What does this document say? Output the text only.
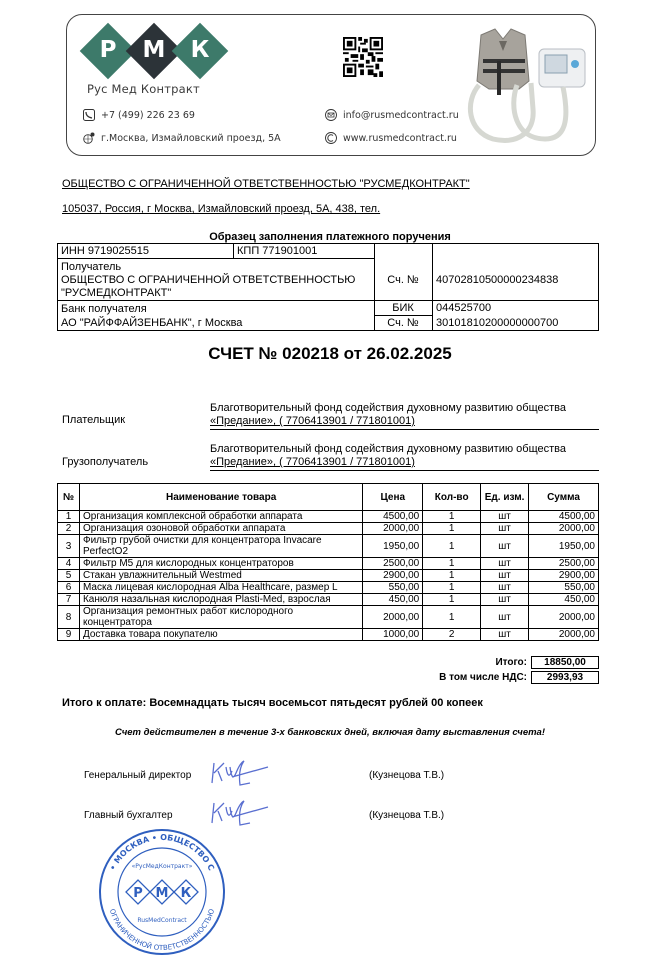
Р М К
Рус Мед Контракт
+7 (499) 226 23 69
г.Москва, Измайловский проезд, 5А
info@rusmedcontract.ru
www.rusmedcontract.ru
ОБЩЕСТВО С ОГРАНИЧЕННОЙ ОТВЕТСТВЕННОСТЬЮ "РУСМЕДКОНТРАКТ"
105037, Россия, г Москва, Измайловский проезд, 5А, 438, тел.
Образец заполнения платежного поручения
ИНН 9719025515	КПП 771901001
Получатель
ОБЩЕСТВО С ОГРАНИЧЕННОЙ ОТВЕТСТВЕННОСТЬЮ
"РУСМЕДКОНТРАКТ"
Сч. №	40702810500000234838
Банк получателя
АО "РАЙФФАЙЗЕНБАНК", г Москва
БИК	044525700
Сч. №	30101810200000000700
СЧЕТ № 020218 от 26.02.2025
Плательщик
Благотворительный фонд содействия духовному развитию общества
«Предание», ( 7706413901 / 771801001)
Грузополучатель
Благотворительный фонд содействия духовному развитию общества
«Предание», ( 7706413901 / 771801001)
№	Наименование товара	Цена	Кол-во	Ед. изм.	Сумма
1	Организация комплексной обработки аппарата	4500,00	1	шт	4500,00
2	Организация озоновой обработки аппарата	2000,00	1	шт	2000,00
3	Фильтр грубой очистки для концентратора Invacare PerfectO2	1950,00	1	шт	1950,00
4	Фильтр М5 для кислородных концентраторов	2500,00	1	шт	2500,00
5	Стакан увлажнительный Westmed	2900,00	1	шт	2900,00
6	Маска лицевая кислородная Alba Healthcare, размер L	550,00	1	шт	550,00
7	Канюля назальная кислородная Plasti-Med, взрослая	450,00	1	шт	450,00
8	Организация ремонтных работ кислородного концентратора	2000,00	1	шт	2000,00
9	Доставка товара покупателю	1000,00	2	шт	2000,00
Итого:	18850,00
В том числе НДС:	2993,93
Итого к оплате: Восемнадцать тысяч восемьсот пятьдесят рублей 00 копеек
Счет действителен в течение 3-х банковских дней, включая дату выставления счета!
Генеральный директор	(Кузнецова Т.В.)
Главный бухгалтер	(Кузнецова Т.В.)
• МОСКВА • ОБЩЕСТВО С
ОГРАНИЧЕННОЙ ОТВЕТСТВЕННОСТЬЮ
«РусМедКонтракт»
Р М К
RusMedContract
